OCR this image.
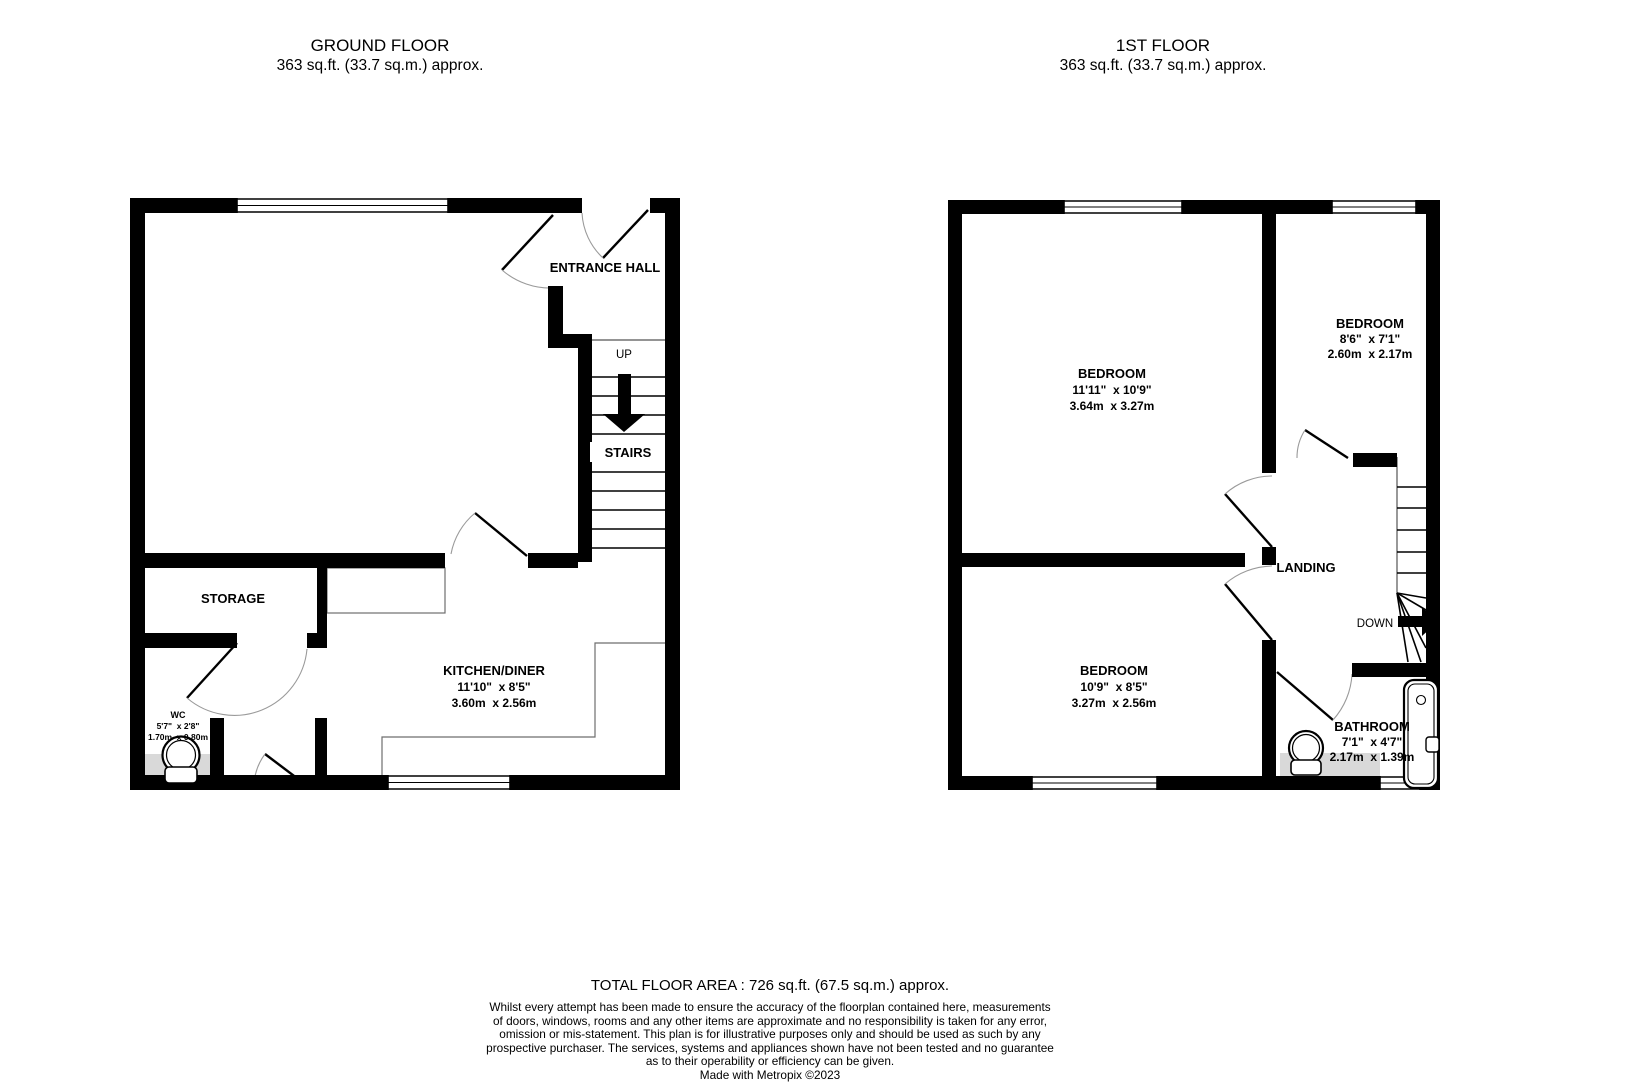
GROUND FLOOR
363 sq.ft. (33.7 sq.m.) approx.
1ST FLOOR
363 sq.ft. (33.7 sq.m.) approx.
ENTRANCE HALL
STAIRS
UP
STORAGE
KITCHEN/DINER
11'10"  x 8'5"
3.60m  x 2.56m
WC
5'7"  x 2'8"
1.70m  x 0.80m
BEDROOM
11'11"  x 10'9"
3.64m  x 3.27m
BEDROOM
8'6"  x 7'1"
2.60m  x 2.17m
BEDROOM
10'9"  x 8'5"
3.27m  x 2.56m
LANDING
DOWN
BATHROOM
7'1"  x 4'7"
2.17m  x 1.39m
TOTAL FLOOR AREA : 726 sq.ft. (67.5 sq.m.) approx.
Whilst every attempt has been made to ensure the accuracy of the floorplan contained here, measurements
of doors, windows, rooms and any other items are approximate and no responsibility is taken for any error,
omission or mis-statement. This plan is for illustrative purposes only and should be used as such by any
prospective purchaser. The services, systems and appliances shown have not been tested and no guarantee
as to their operability or efficiency can be given.
Made with Metropix ©2023
